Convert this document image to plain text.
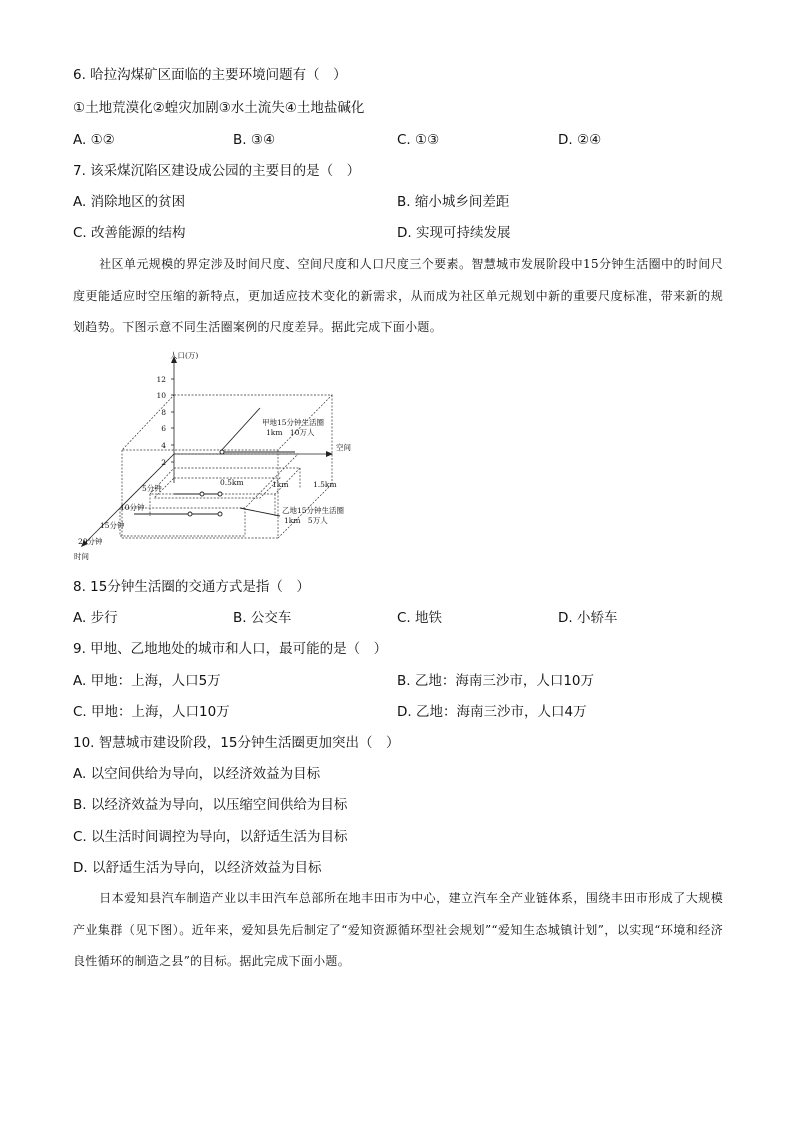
6. 哈拉沟煤矿区面临的主要环境问题有（　）
①土地荒漠化②蝗灾加剧③水土流失④土地盐碱化
A. ①②	B. ③④	C. ①③	D. ②④
7. 该采煤沉陷区建设成公园的主要目的是（　）
A. 消除地区的贫困	B. 缩小城乡间差距
C. 改善能源的结构	D. 实现可持续发展
社区单元规模的界定涉及时间尺度、空间尺度和人口尺度三个要素。智慧城市发展阶段中15分钟生活圈中的时间尺度更能适应时空压缩的新特点，更加适应技术变化的新需求，从而成为社区单元规划中新的重要尺度标准，带来新的规划趋势。下图示意不同生活圈案例的尺度差异。据此完成下面小题。
人口(万)
12
10
8
6
4
2
空间
0.5km	1km	1.5km
5分钟
10分钟
15分钟
20分钟
时间
甲地15分钟生活圈
1km　10万人
乙地15分钟生活圈
1km　5万人
8. 15分钟生活圈的交通方式是指（　）
A. 步行	B. 公交车	C. 地铁	D. 小轿车
9. 甲地、乙地地处的城市和人口，最可能的是（　）
A. 甲地：上海，人口5万	B. 乙地：海南三沙市，人口10万
C. 甲地：上海，人口10万	D. 乙地：海南三沙市，人口4万
10. 智慧城市建设阶段，15分钟生活圈更加突出（　）
A. 以空间供给为导向，以经济效益为目标
B. 以经济效益为导向，以压缩空间供给为目标
C. 以生活时间调控为导向，以舒适生活为目标
D. 以舒适生活为导向，以经济效益为目标
日本爱知县汽车制造产业以丰田汽车总部所在地丰田市为中心，建立汽车全产业链体系，围绕丰田市形成了大规模产业集群（见下图）。近年来，爱知县先后制定了“爱知资源循环型社会规划”“爱知生态城镇计划”，以实现“环境和经济良性循环的制造之县”的目标。据此完成下面小题。
